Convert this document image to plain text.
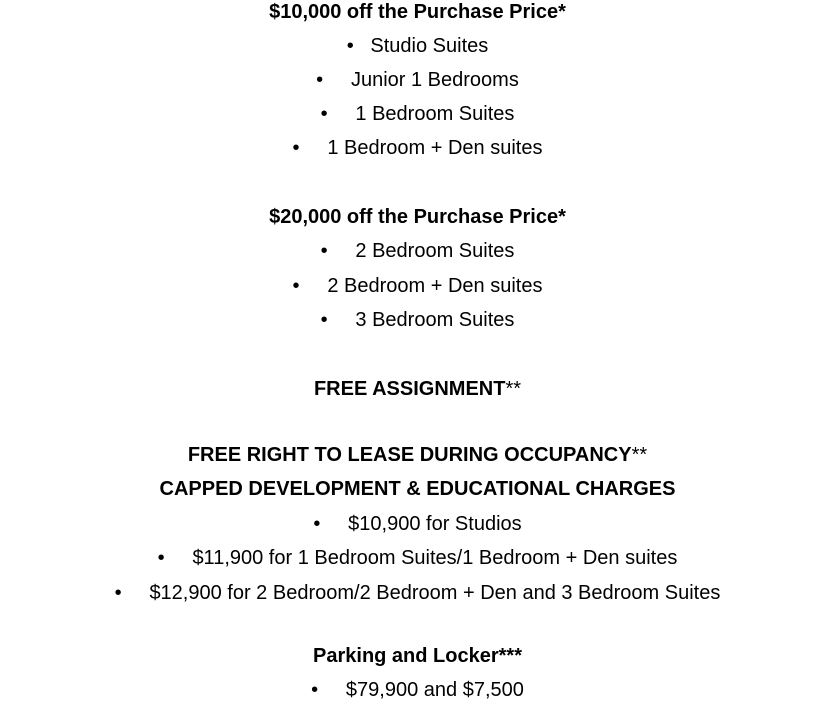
$10,000 off the Purchase Price*
• Studio Suites
• Junior 1 Bedrooms
• 1 Bedroom Suites
• 1 Bedroom + Den suites
$20,000 off the Purchase Price*
• 2 Bedroom Suites
• 2 Bedroom + Den suites
• 3 Bedroom Suites
FREE ASSIGNMENT**
FREE RIGHT TO LEASE DURING OCCUPANCY**
CAPPED DEVELOPMENT & EDUCATIONAL CHARGES
• $10,900 for Studios
• $11,900 for 1 Bedroom Suites/1 Bedroom + Den suites
• $12,900 for 2 Bedroom/2 Bedroom + Den and 3 Bedroom Suites
Parking and Locker***
• $79,900 and $7,500
